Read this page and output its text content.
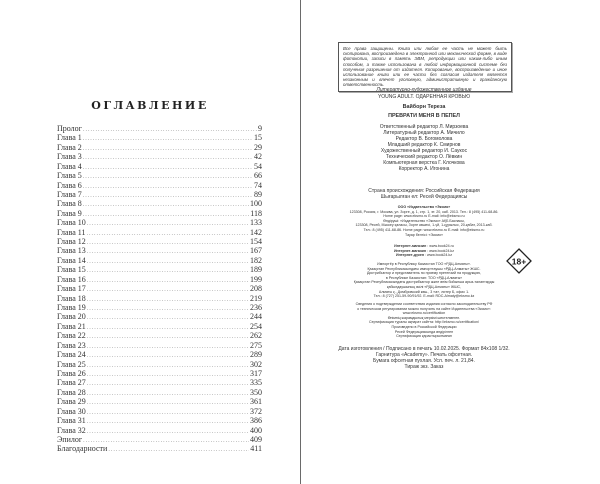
ОГЛАВЛЕНИЕ
Пролог .....	9
Глава 1 .....	15
Глава 2 .....	29
Глава 3 .....	42
Глава 4 .....	54
Глава 5 .....	66
Глава 6 .....	74
Глава 7 .....	89
Глава 8 .....	100
Глава 9 .....	118
Глава 10 .....	133
Глава 11 .....	142
Глава 12 .....	154
Глава 13 .....	167
Глава 14 .....	182
Глава 15 .....	189
Глава 16 .....	199
Глава 17 .....	208
Глава 18 .....	219
Глава 19 .....	236
Глава 20 .....	244
Глава 21 .....	254
Глава 22 .....	262
Глава 23 .....	275
Глава 24 .....	289
Глава 25 .....	302
Глава 26 .....	317
Глава 27 .....	335
Глава 28 .....	350
Глава 29 .....	361
Глава 30 .....	372
Глава 31 .....	386
Глава 32 .....	400
Эпилог .....	409
Благодарности .....	411
Все права защищены. Книга или любая ее часть не может быть скопирована, воспроизведена в электронной или механической форме, в виде фотокопии, записи в память ЭВМ, репродукции или каким-либо иным способом, а также использована в любой информационной системе без получения разрешения от издателя. Копирование, воспроизведение и иное использование книги или ее части без согласия издателя является незаконным и влечет уголовную, административную и гражданскую ответственность.
Литературно-художественное издание
YOUNG ADULT. ОДАРЕННАЯ КРОВЬЮ
Вайборн Тереза
ПРЕВРАТИ МЕНЯ В ПЕПЕЛ
Ответственный редактор Л. Мирзоева
Литературный редактор А. Мичило
Редактор В. Богомолова
Младший редактор К. Смирнов
Художественный редактор И. Саукос
Технический редактор О. Лёвкин
Компьютерная верстка Г. Клочкова
Корректор А. Игонина
Страна происхождения: Российская Федерация
Шығарылған ел: Ресей Федерациясы
ООО «Издательство «Эксмо»
123308, Россия, г. Москва, ул. Зорге, д. 1, стр. 1, эт. 20, каб. 2013. Тел.: 8 (495) 411-68-86.
Home page: www.eksmo.ru E-mail: info@eksmo.ru
Өндіруші: «Издательство «Эксмо» АҚБ Баспасы,
123308, Ресей, Мәскеу қаласы, Зорге көшесі, 1-үй, 1-құрылыс, 20-қабат, 2013-каб.
Тел.: 8 (495) 411-68-86. Home page: www.eksmo.ru E-mail: info@eksmo.ru
Тауар белгісі: «Эксмо»
Интернет-магазин : www.book24.ru
Интернет-магазин : www.book24.kz
Интернет-дүкен : www.book24.kz
18+
Импортёр в Республику Казахстан ТОО «РДЦ-Алматы».
Қазақстан Республикасындағы импорттаушы «РДЦ-Алматы» ЖШС.
Дистрибьютор и представитель по приему претензий на продукцию,
в Республике Казахстан: ТОО «РДЦ-Алматы»
Қазақстан Республикасындағы дистрибьютор және өнім бойынша арыз-талаптарды
қабылдаушының өкілі «РДЦ-Алматы» ЖШС,
Алматы қ., Домбровский көш., 3 «а», литер Б, офис 1.
Тел.: 8 (727) 251-59-90/91/92. E-mail: RDC-Almaty@eksmo.kz
Сведения о подтверждении соответствия издания согласно законодательству РФ
о техническом регулировании можно получить на сайте Издательства «Эксмо»:
www.eksmo.ru/certification
Өнімнің жарамдылық мерзімі шектелмеген.
Сертификация туралы ақпарат сайтта: http://eksmo.ru/certification/
Произведено в Российской Федерации
Ресей Федерациясында өндірілген
Сертификация қарастырылмаған
Дата изготовления / Подписано в печать 10.02.2025. Формат 84x108 1/32.
Гарнитура «Academy». Печать офсетная.
Бумага офсетная пухлая. Усл. печ. л. 21,84.
Тираж экз. Заказ
